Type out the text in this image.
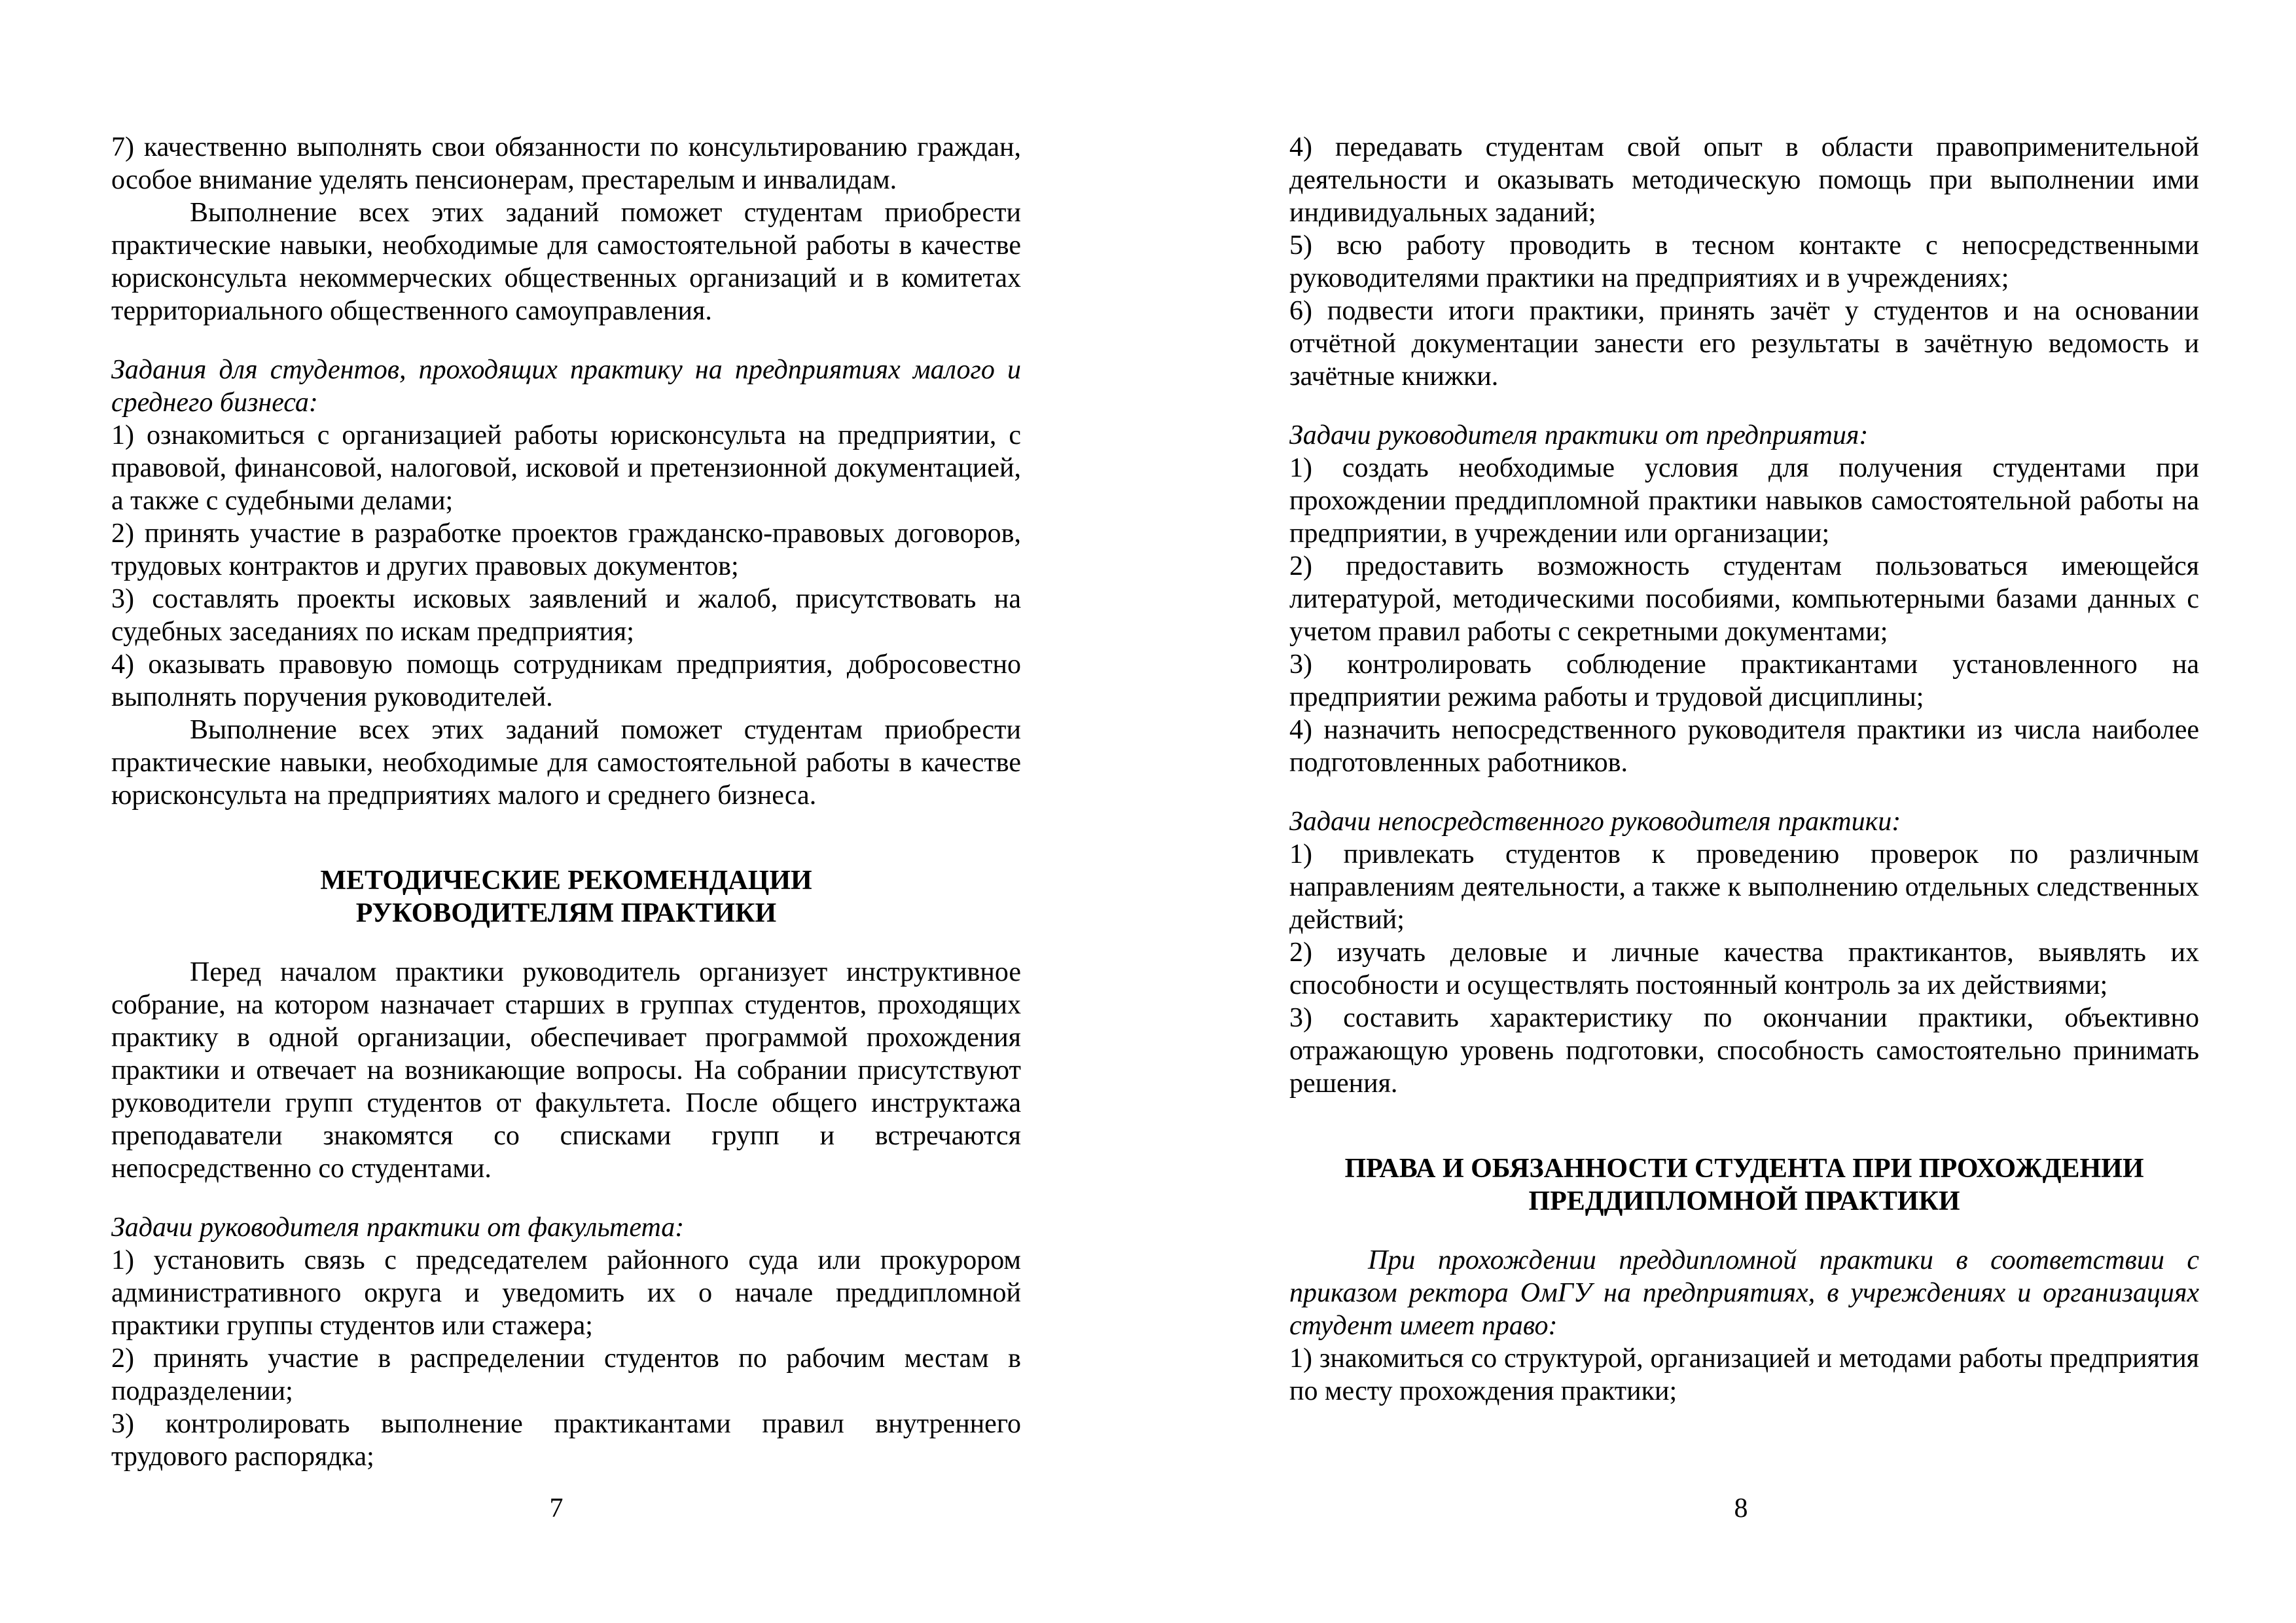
7) качественно выполнять свои обязанности по консультированию граждан, особое внимание уделять пенсионерам, престарелым и инвалидам.

Выполнение всех этих заданий поможет студентам приобрести практические навыки, необходимые для самостоятельной работы в качестве юрисконсульта некоммерческих общественных организаций и в комитетах территориального общественного самоуправления.

Задания для студентов, проходящих практику на предприятиях малого и среднего бизнеса:

1) ознакомиться с организацией работы юрисконсульта на предприятии, с правовой, финансовой, налоговой, исковой и претензионной документацией, а также с судебными делами;

2) принять участие в разработке проектов гражданско-правовых договоров, трудовых контрактов и других правовых документов;

3) составлять проекты исковых заявлений и жалоб, присутствовать на судебных заседаниях по искам предприятия;

4) оказывать правовую помощь сотрудникам предприятия, добросовестно выполнять поручения руководителей.

Выполнение всех этих заданий поможет студентам приобрести практические навыки, необходимые для самостоятельной работы в качестве юрисконсульта на предприятиях малого и среднего бизнеса.

МЕТОДИЧЕСКИЕ РЕКОМЕНДАЦИИ
РУКОВОДИТЕЛЯМ ПРАКТИКИ

Перед началом практики руководитель организует инструктивное собрание, на котором назначает старших в группах студентов, проходящих практику в одной организации, обеспечивает программой прохождения практики и отвечает на возникающие вопросы. На собрании присутствуют руководители групп студентов от факультета. После общего инструктажа преподаватели знакомятся со списками групп и встречаются непосредственно со студентами.

Задачи руководителя практики от факультета:

1) установить связь с председателем районного суда или прокурором административного округа и уведомить их о начале преддипломной практики группы студентов или стажера;

2) принять участие в распределении студентов по рабочим местам в подразделении;

3) контролировать выполнение практикантами правил внутреннего трудового распорядка;

7

4) передавать студентам свой опыт в области правоприменительной деятельности и оказывать методическую помощь при выполнении ими индивидуальных заданий;

5) всю работу проводить в тесном контакте с непосредственными руководителями практики на предприятиях и в учреждениях;

6) подвести итоги практики, принять зачёт у студентов и на основании отчётной документации занести его результаты в зачётную ведомость и зачётные книжки.

Задачи руководителя практики от предприятия:

1) создать необходимые условия для получения студентами при прохождении преддипломной практики навыков самостоятельной работы на предприятии, в учреждении или организации;

2) предоставить возможность студентам пользоваться имеющейся литературой, методическими пособиями, компьютерными базами данных с учетом правил работы с секретными документами;

3) контролировать соблюдение практикантами установленного на предприятии режима работы и трудовой дисциплины;

4) назначить непосредственного руководителя практики из числа наиболее подготовленных работников.

Задачи непосредственного руководителя практики:

1) привлекать студентов к проведению проверок по различным направлениям деятельности, а также к выполнению отдельных следственных действий;

2) изучать деловые и личные качества практикантов, выявлять их способности и осуществлять постоянный контроль за их действиями;

3) составить характеристику по окончании практики, объективно отражающую уровень подготовки, способность самостоятельно принимать решения.

ПРАВА И ОБЯЗАННОСТИ СТУДЕНТА ПРИ ПРОХОЖДЕНИИ
ПРЕДДИПЛОМНОЙ ПРАКТИКИ

При прохождении преддипломной практики в соответствии с приказом ректора ОмГУ на предприятиях, в учреждениях и организациях студент имеет право:

1) знакомиться со структурой, организацией и методами работы предприятия по месту прохождения практики;

8
